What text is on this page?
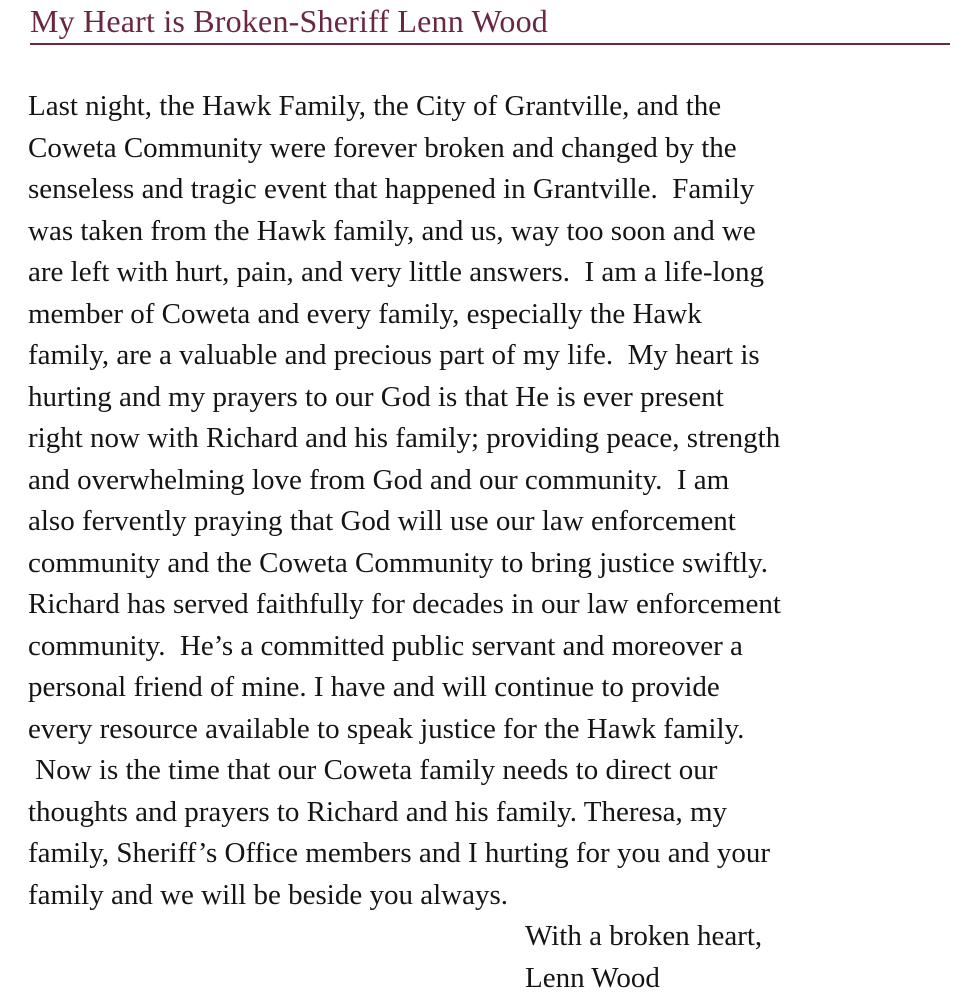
My Heart is Broken-Sheriff Lenn Wood
Last night, the Hawk Family, the City of Grantville, and the
Coweta Community were forever broken and changed by the
senseless and tragic event that happened in Grantville.  Family
was taken from the Hawk family, and us, way too soon and we
are left with hurt, pain, and very little answers.  I am a life-long
member of Coweta and every family, especially the Hawk
family, are a valuable and precious part of my life.  My heart is
hurting and my prayers to our God is that He is ever present
right now with Richard and his family; providing peace, strength
and overwhelming love from God and our community.  I am
also fervently praying that God will use our law enforcement
community and the Coweta Community to bring justice swiftly.
Richard has served faithfully for decades in our law enforcement
community.  He’s a committed public servant and moreover a
personal friend of mine. I have and will continue to provide
every resource available to speak justice for the Hawk family.
Now is the time that our Coweta family needs to direct our
thoughts and prayers to Richard and his family. Theresa, my
family, Sheriff’s Office members and I hurting for you and your
family and we will be beside you always.
With a broken heart,
Lenn Wood
